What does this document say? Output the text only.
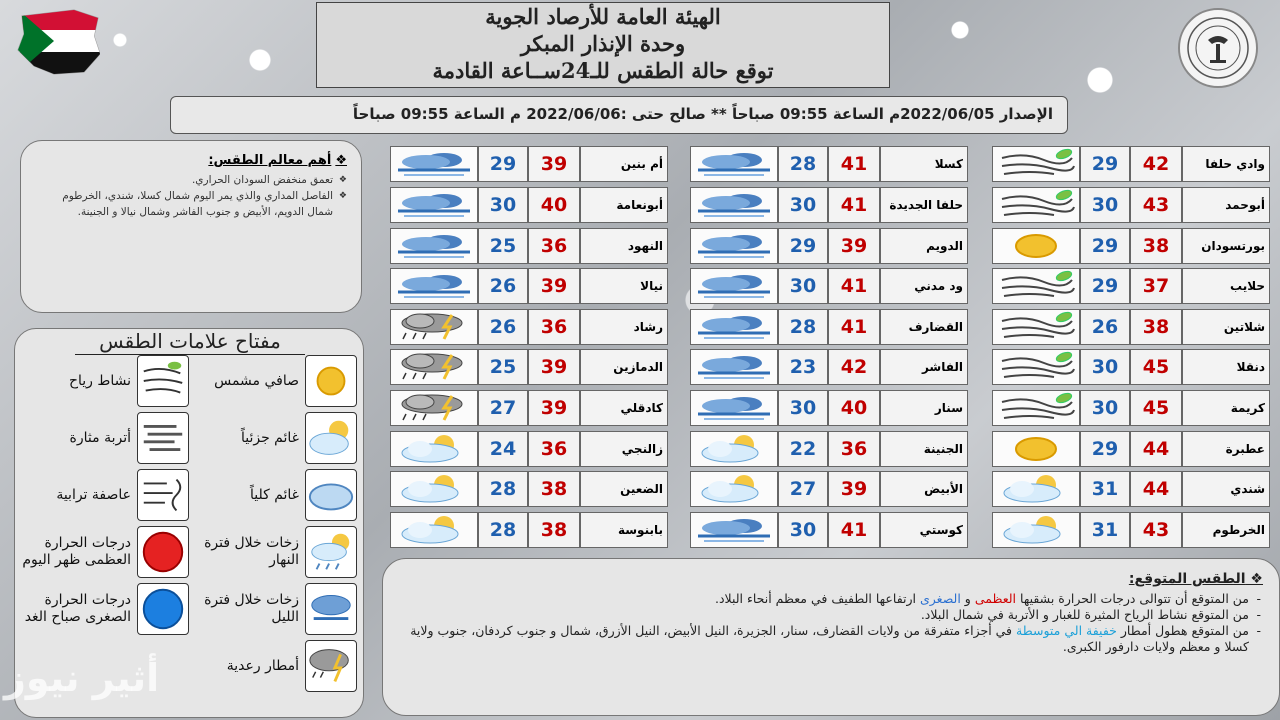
الهيئة العامة للأرصاد الجوية
وحدة الإنذار المبكر
توقع حالة الطقس للـ24ســاعة القادمة
الإصدار 2022/06/05م الساعة 09:55 صباحاً ** صالح حتى :2022/06/06 م الساعة 09:55 صباحاً
❖أهم معالم الطقس:
❖ تعمق منخفض السودان الحراري.
❖ الفاصل المداري والذي يمر اليوم شمال كسلا، شندي، الخرطوم شمال الدويم، الأبيض و جنوب الفاشر وشمال نيالا و الجنينة.
مفتاح علامات الطقس
صافي مشمس
نشاط رياح
غائم جزئياً
أتربة مثارة
غائم كلياً
عاصفة ترابية
زخات خلال فترة النهار
درجات الحرارة العظمى ظهر اليوم
زخات خلال فترة الليل
درجات الحرارة الصغرى صباح الغد
أمطار رعدية
وادي حلفا
42
29
أبوحمد
43
30
بورتسودان
38
29
حلايب
37
29
شلاتين
38
26
دنقلا
45
30
كريمة
45
30
عطبرة
44
29
شندي
44
31
الخرطوم
43
31
كسلا
41
28
حلفا الجديدة
41
30
الدويم
39
29
ود مدني
41
30
القضارف
41
28
الفاشر
42
23
سنار
40
30
الجنينة
36
22
الأبيض
39
27
كوستي
41
30
أم بنين
39
29
أبونعامة
40
30
النهود
36
25
نيالا
39
26
رشاد
36
26
الدمازين
39
25
كادقلي
39
27
زالنجي
36
24
الضعين
38
28
بابنوسة
38
28
❖ الطقس المتوقع:
- من المتوقع أن تتوالى درجات الحرارة بشقيها العظمى و الصغرى ارتفاعها الطفيف في معظم أنحاء البلاد.
- من المتوقع نشاط الرياح المثيرة للغبار و الأتربة في شمال البلاد.
- من المتوقع هطول أمطار خفيفة الي متوسطة في أجزاء متفرقة من ولايات القضارف، سنار، الجزيرة، النيل الأبيض، النيل الأزرق، شمال و جنوب كردفان، جنوب ولاية كسلا و معظم ولايات دارفور الكبرى.
أثير نيوز
